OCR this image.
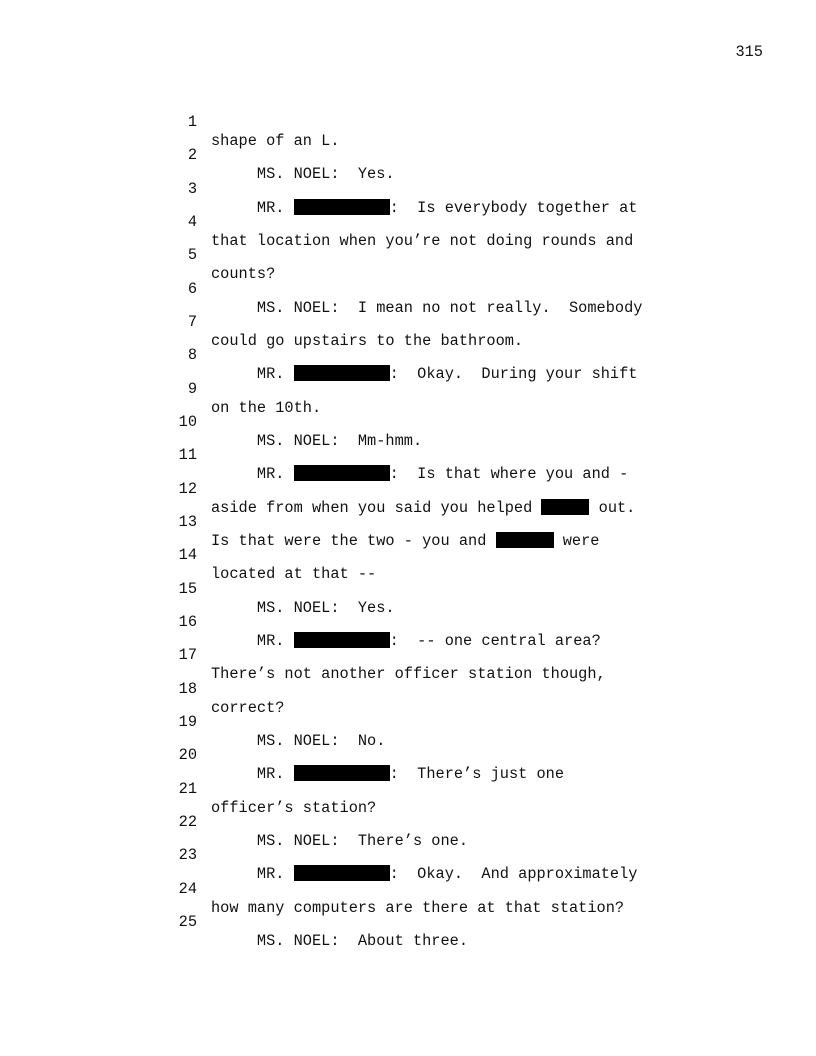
315

1

shape of an L.

2

MS. NOEL:  Yes.

3

MR.	:  Is everybody together at

4

that location when you’re not doing rounds and

5

counts?

6

MS. NOEL:  I mean no not really.  Somebody

7

could go upstairs to the bathroom.

8

MR.	:  Okay.  During your shift

9

on the 10th.

10

MS. NOEL:  Mm-hmm.

11

MR.	:  Is that where you and -

12

aside from when you said you helped	out.

13

Is that were the two - you and	were

14

located at that --

15

MS. NOEL:  Yes.

16

MR.	:  -- one central area?

17

There’s not another officer station though,

18

correct?

19

MS. NOEL:  No.

20

MR.	:  There’s just one

21

officer’s station?

22

MS. NOEL:  There’s one.

23

MR.	:  Okay.  And approximately

24

how many computers are there at that station?

25

MS. NOEL:  About three.
